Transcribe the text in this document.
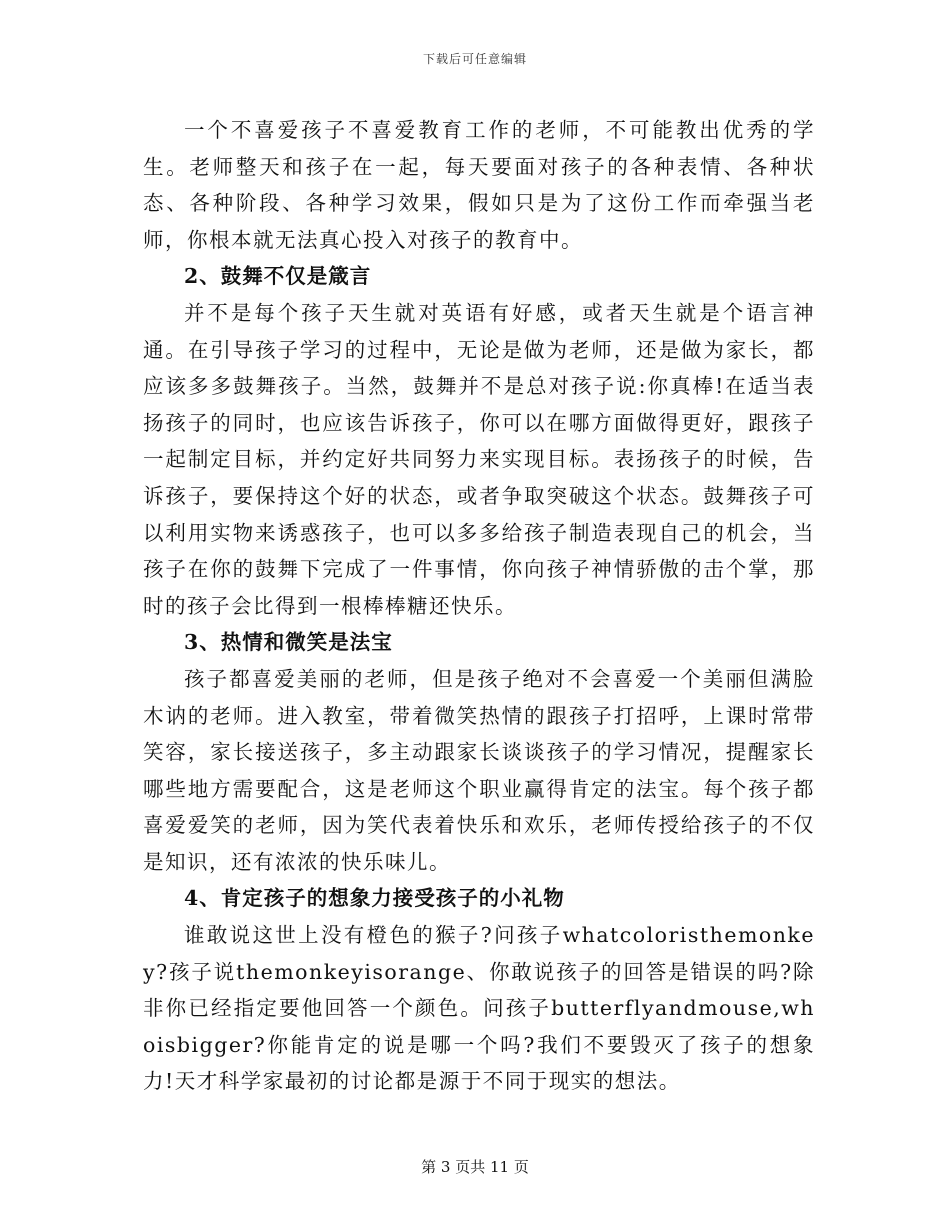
下载后可任意编辑

一个不喜爱孩子不喜爱教育工作的老师，不可能教出优秀的学生。老师整天和孩子在一起，每天要面对孩子的各种表情、各种状态、各种阶段、各种学习效果，假如只是为了这份工作而牵强当老师，你根本就无法真心投入对孩子的教育中。

2、鼓舞不仅是箴言

并不是每个孩子天生就对英语有好感，或者天生就是个语言神通。在引导孩子学习的过程中，无论是做为老师，还是做为家长，都应该多多鼓舞孩子。当然，鼓舞并不是总对孩子说:你真棒!在适当表扬孩子的同时，也应该告诉孩子，你可以在哪方面做得更好，跟孩子一起制定目标，并约定好共同努力来实现目标。表扬孩子的时候，告诉孩子，要保持这个好的状态，或者争取突破这个状态。鼓舞孩子可以利用实物来诱惑孩子，也可以多多给孩子制造表现自己的机会，当孩子在你的鼓舞下完成了一件事情，你向孩子神情骄傲的击个掌，那时的孩子会比得到一根棒棒糖还快乐。

3、热情和微笑是法宝

孩子都喜爱美丽的老师，但是孩子绝对不会喜爱一个美丽但满脸木讷的老师。进入教室，带着微笑热情的跟孩子打招呼，上课时常带笑容，家长接送孩子，多主动跟家长谈谈孩子的学习情况，提醒家长哪些地方需要配合，这是老师这个职业赢得肯定的法宝。每个孩子都喜爱爱笑的老师，因为笑代表着快乐和欢乐，老师传授给孩子的不仅是知识，还有浓浓的快乐味儿。

4、肯定孩子的想象力接受孩子的小礼物

谁敢说这世上没有橙色的猴子?问孩子whatcoloristhemonkey?孩子说themonkeyisorange、你敢说孩子的回答是错误的吗?除非你已经指定要他回答一个颜色。问孩子butterflyandmouse,whoisbigger?你能肯定的说是哪一个吗?我们不要毁灭了孩子的想象力!天才科学家最初的讨论都是源于不同于现实的想法。

第 3 页共 11 页
